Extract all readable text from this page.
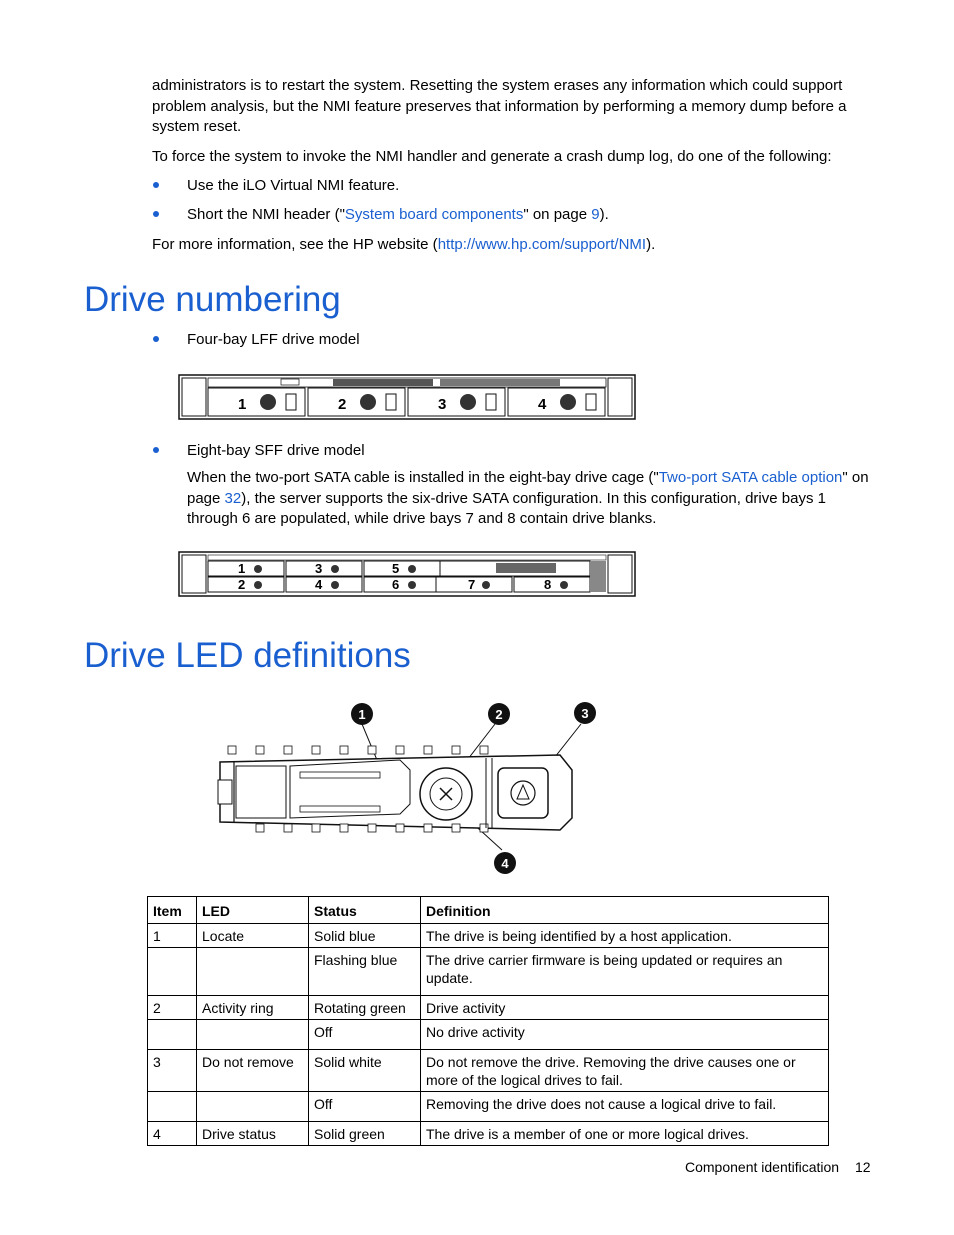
administrators is to restart the system. Resetting the system erases any information which could support problem analysis, but the NMI feature preserves that information by performing a memory dump before a system reset.
To force the system to invoke the NMI handler and generate a crash dump log, do one of the following:
Use the iLO Virtual NMI feature.
Short the NMI header ("System board components" on page 9).
For more information, see the HP website (http://www.hp.com/support/NMI).
Drive numbering
Four-bay LFF drive model
1	2	3	4
Eight-bay SFF drive model
When the two-port SATA cable is installed in the eight-bay drive cage ("Two-port SATA cable option" on page 32), the server supports the six-drive SATA configuration. In this configuration, drive bays 1 through 6 are populated, while drive bays 7 and 8 contain drive blanks.
1
2
3
4
5
6	7	8
Drive LED definitions
1	2	3
4
Item	LED	Status	Definition
1	Locate	Solid blue	The drive is being identified by a host application.
		Flashing blue	The drive carrier firmware is being updated or requires an update.
2	Activity ring	Rotating green	Drive activity
		Off	No drive activity
3	Do not remove	Solid white	Do not remove the drive. Removing the drive causes one or more of the logical drives to fail.
		Off	Removing the drive does not cause a logical drive to fail.
4	Drive status	Solid green	The drive is a member of one or more logical drives.
Component identification 12
